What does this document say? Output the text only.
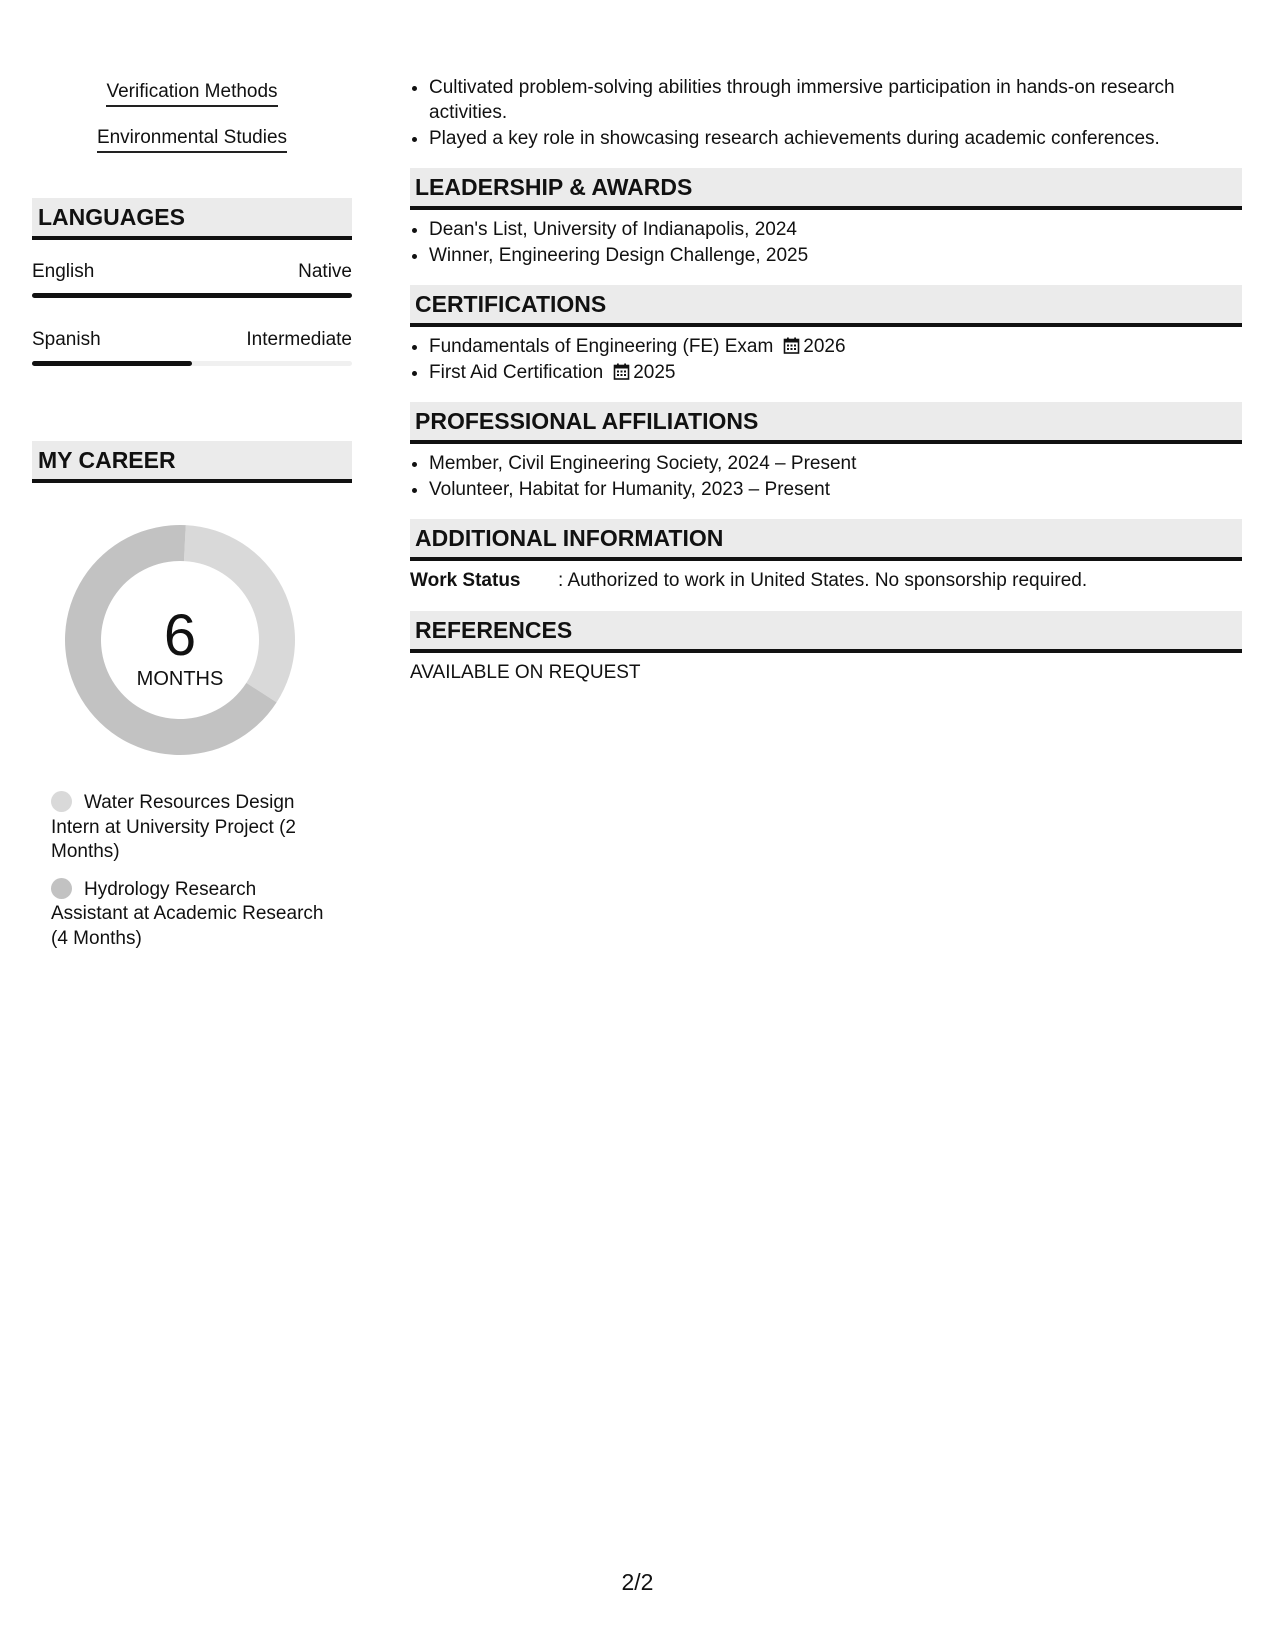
Verification Methods
Environmental Studies
LANGUAGES
English	Native
Spanish	Intermediate
MY CAREER
6
MONTHS
Water Resources Design Intern at University Project (2 Months)
Hydrology Research Assistant at Academic Research (4 Months)
• Cultivated problem-solving abilities through immersive participation in hands-on research activities.
• Played a key role in showcasing research achievements during academic conferences.
LEADERSHIP & AWARDS
• Dean's List, University of Indianapolis, 2024
• Winner, Engineering Design Challenge, 2025
CERTIFICATIONS
• Fundamentals of Engineering (FE) Exam 2026
• First Aid Certification 2025
PROFESSIONAL AFFILIATIONS
• Member, Civil Engineering Society, 2024 – Present
• Volunteer, Habitat for Humanity, 2023 – Present
ADDITIONAL INFORMATION
Work Status	: Authorized to work in United States. No sponsorship required.
REFERENCES
AVAILABLE ON REQUEST
2/2
